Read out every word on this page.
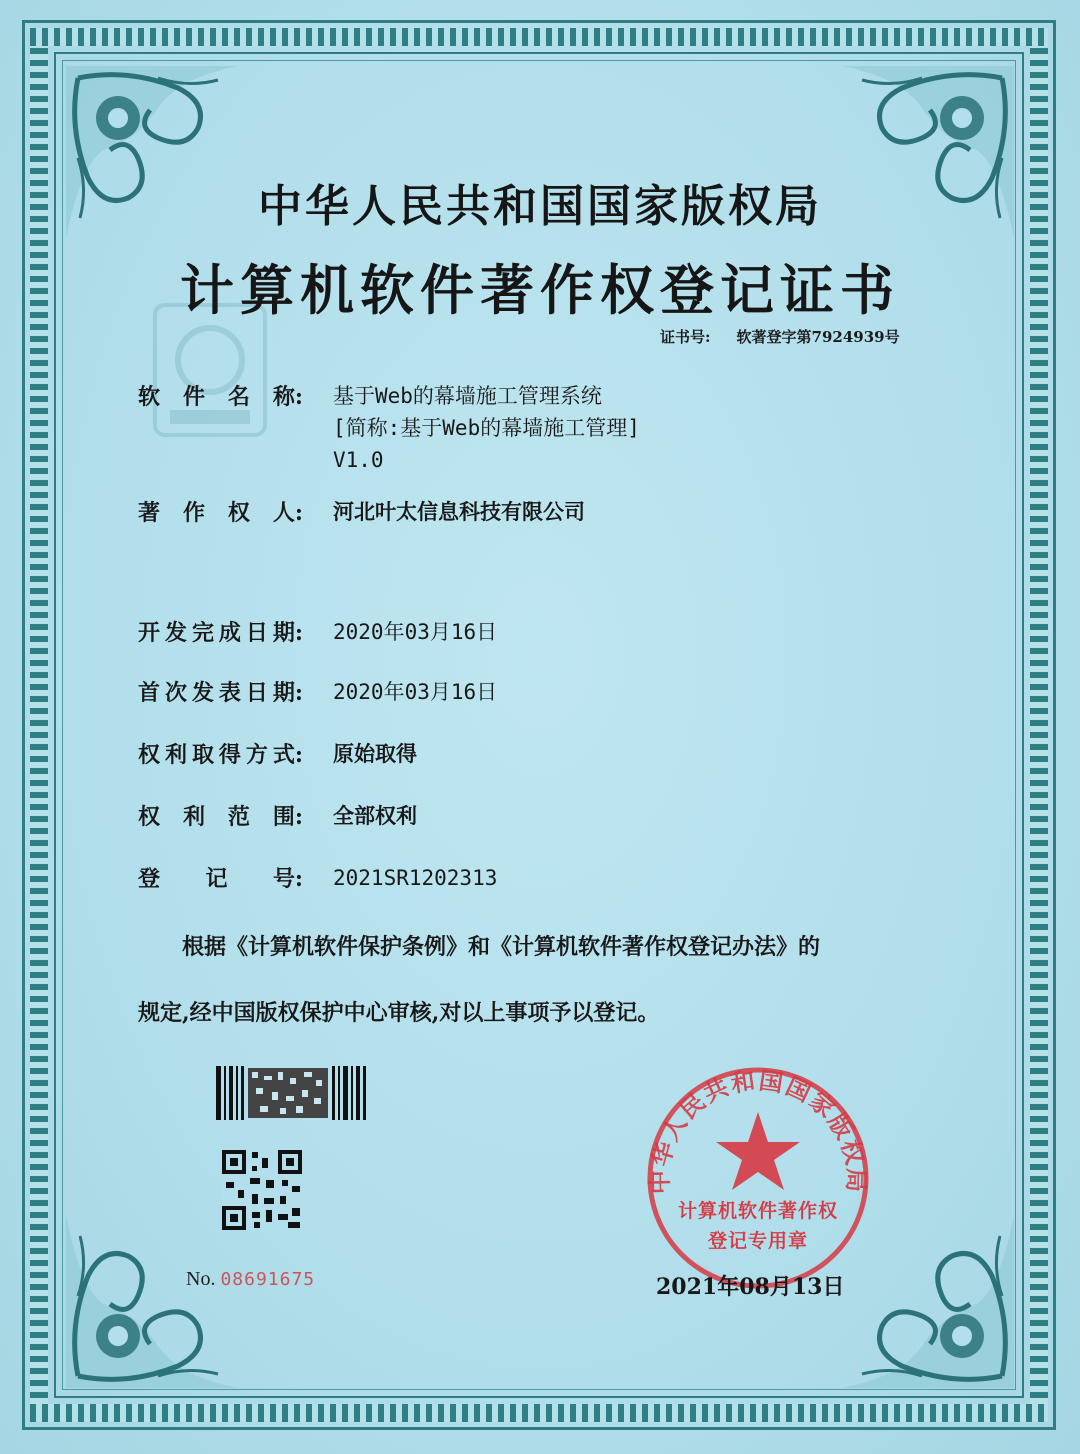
中华人民共和国国家版权局
计算机软件著作权登记证书
证书号: 软著登字第7924939号
软 件 名 称: 基于Web的幕墙施工管理系统
[简称:基于Web的幕墙施工管理]
V1.0
著 作 权 人: 河北叶太信息科技有限公司
开 发 完 成 日 期: 2020年03月16日
首 次 发 表 日 期: 2020年03月16日
权 利 取 得 方 式: 原始取得
权 利 范 围: 全部权利
登 记 号: 2021SR1202313
根据《计算机软件保护条例》和《计算机软件著作权登记办法》的
规定,经中国版权保护中心审核,对以上事项予以登记。
No. 08691675
中华人民共和国国家版权局
计算机软件著作权
登记专用章
2021年08月13日
